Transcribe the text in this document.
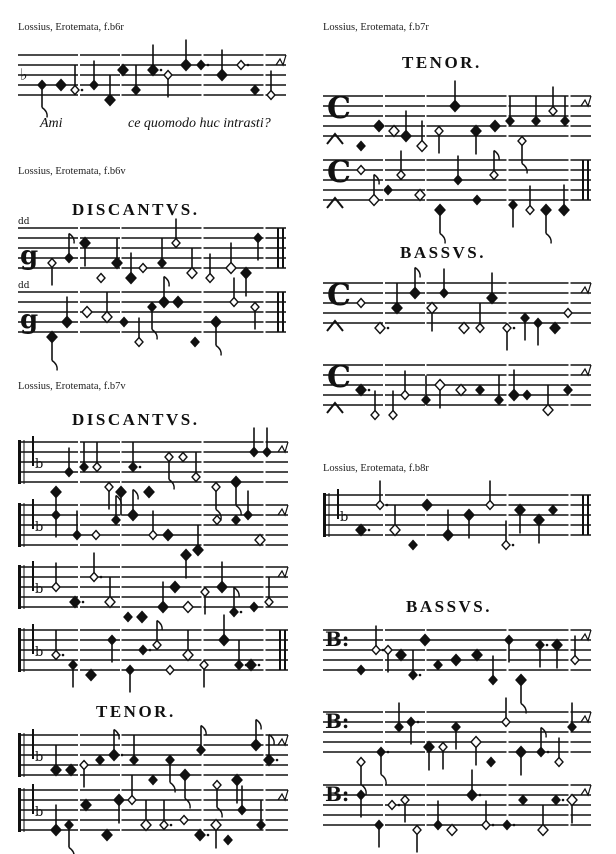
Lossius, Erotemata, f.b6r
Lossius, Erotemata, f.b6v
Lossius, Erotemata, f.b7v
Lossius, Erotemata, f.b7r
Lossius, Erotemata, f.b8r
DISCANTVS.
DISCANTVS.
TENOR.
TENOR.
BASSVS.
BASSVS.
Ami	ce quomodo huc intrasti?
♭
g
dd
g
dd
b
b
b
b
b
b
C
C
C
C
b
B:
B:
B:
